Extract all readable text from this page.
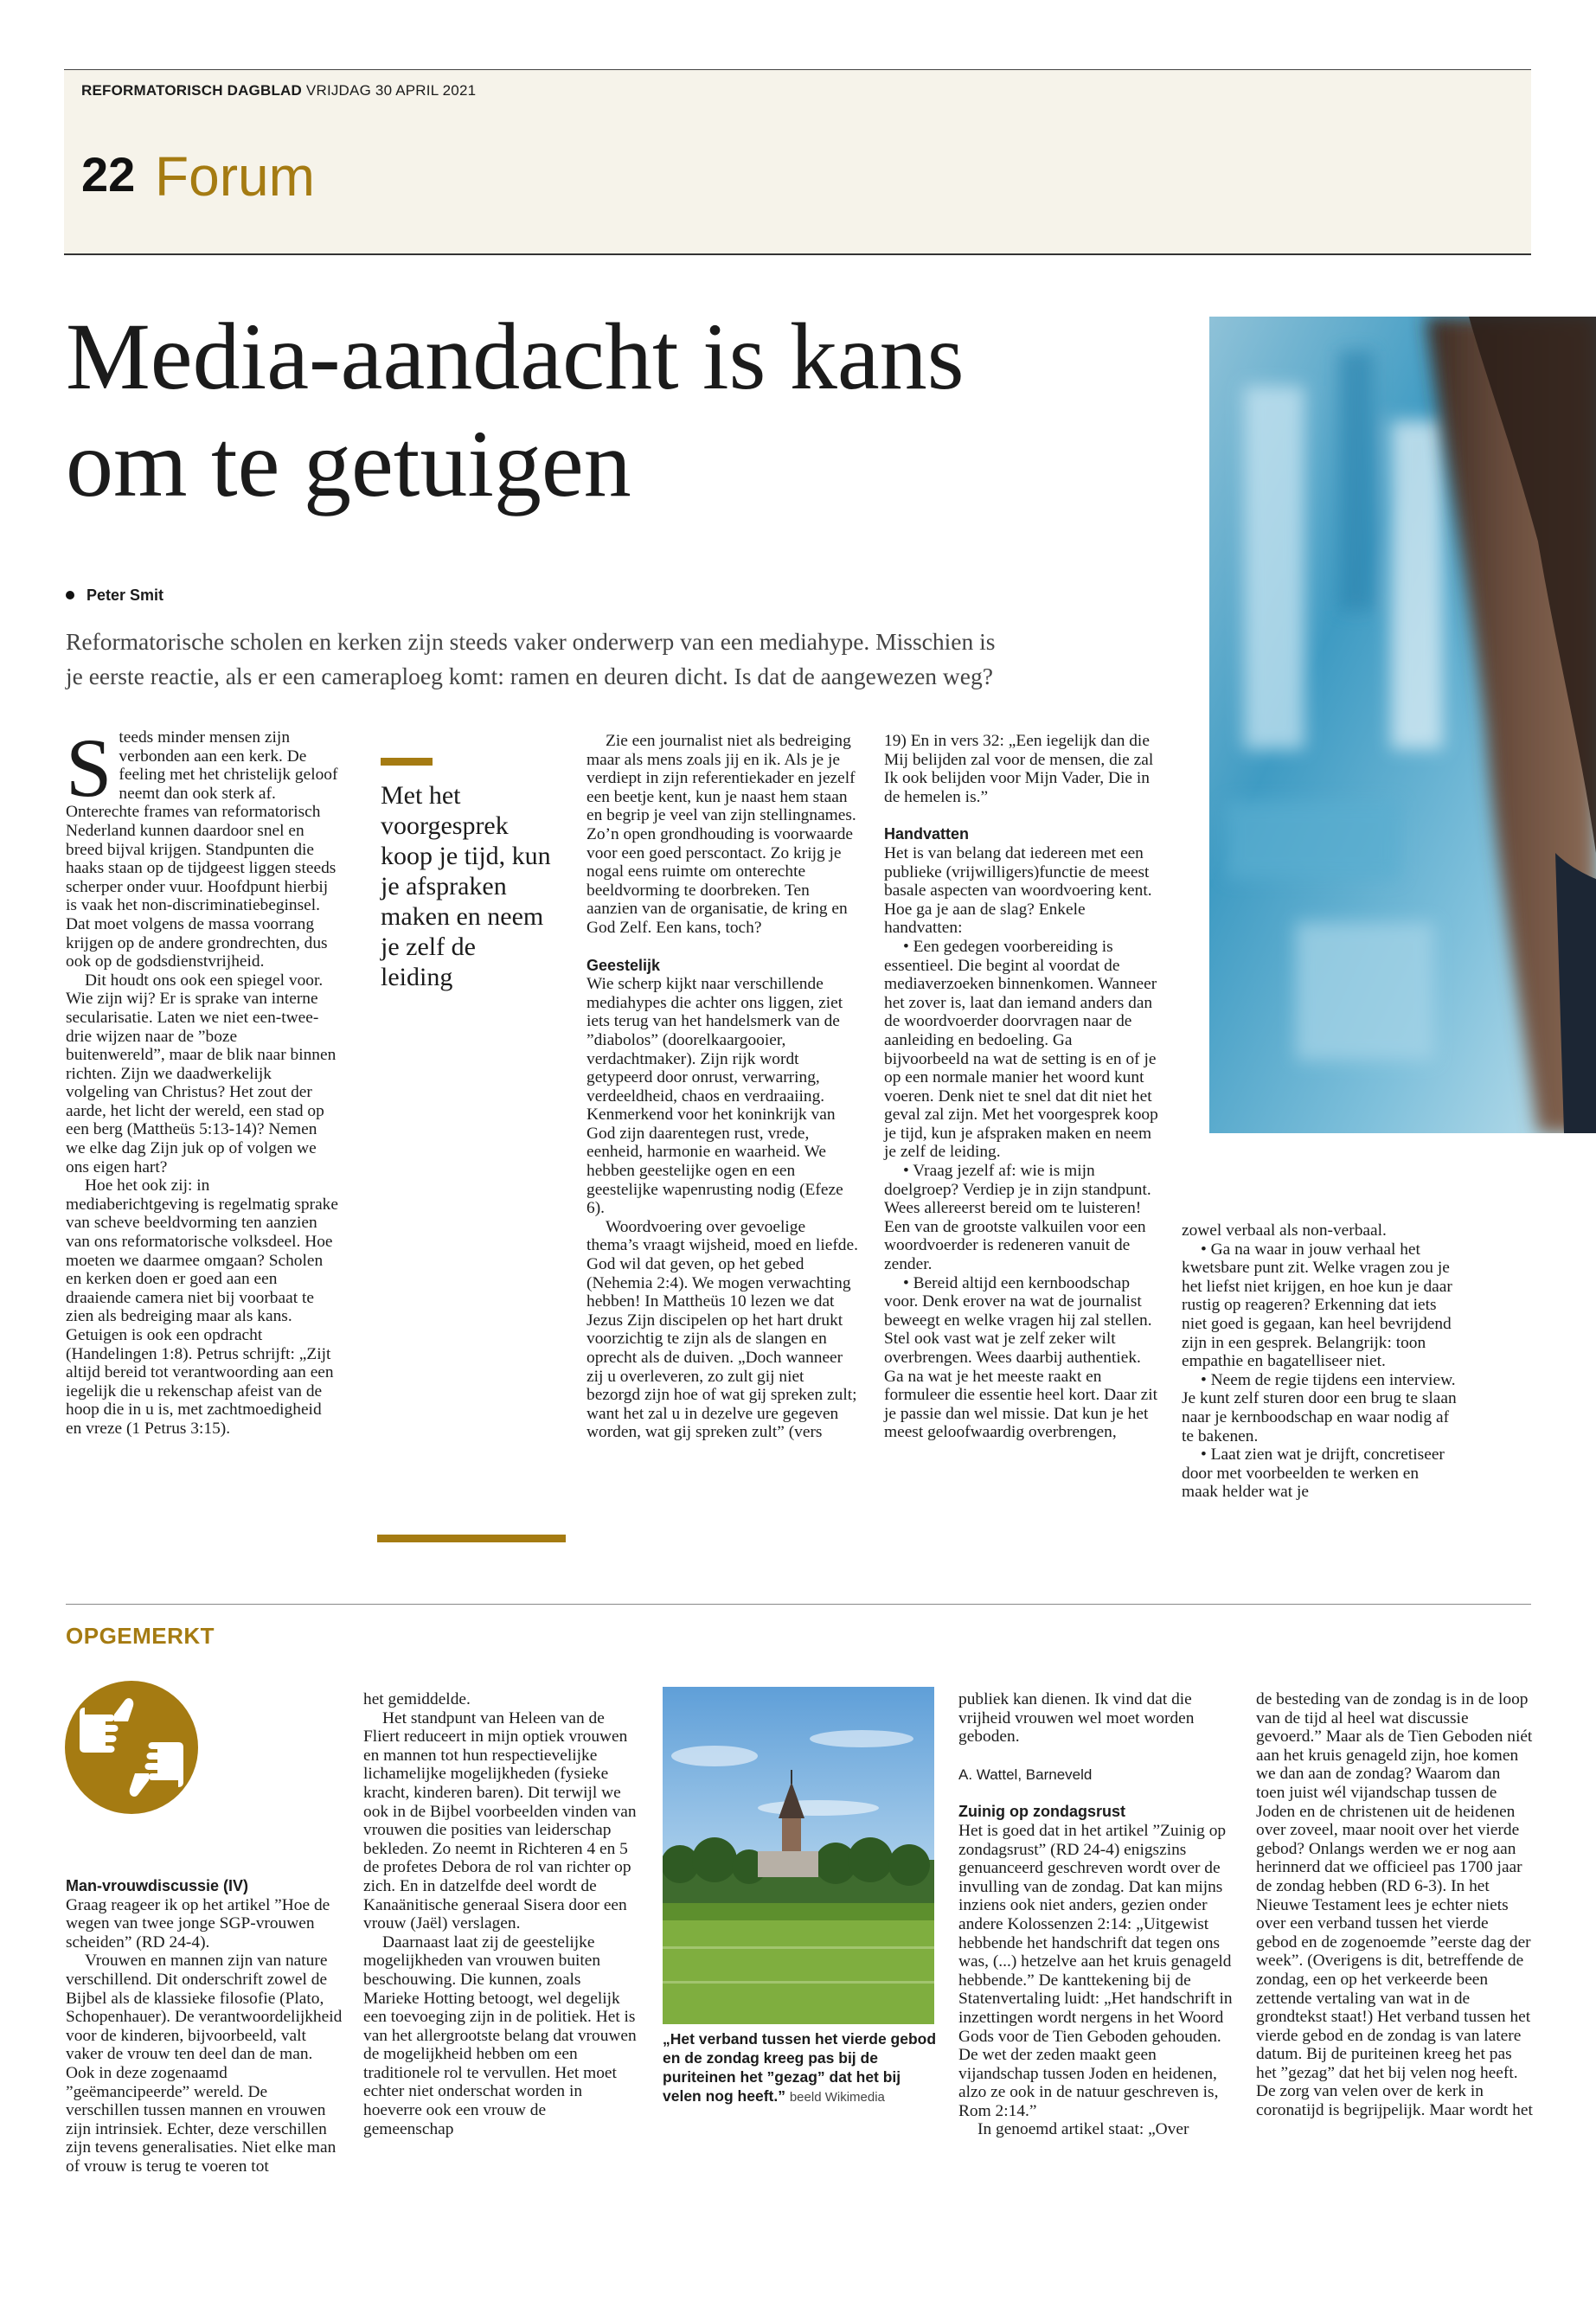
REFORMATORISCH DAGBLAD VRIJDAG 30 APRIL 2021
22 Forum
Media-aandacht is kans
om te getuigen
Peter Smit
Reformatorische scholen en kerken zijn steeds vaker onderwerp van een mediahype. Misschien is
je eerste reactie, als er een cameraploeg komt: ramen en deuren dicht. Is dat de aangewezen weg?

Steeds minder mensen zijn verbonden aan een kerk. De feeling met het christelijk geloof neemt dan ook sterk af. Onterechte frames van reformatorisch Nederland kunnen daardoor snel en breed bijval krijgen. Standpunten die haaks staan op de tijdgeest liggen steeds scherper onder vuur. Hoofdpunt hierbij is vaak het non-discriminatiebeginsel. Dat moet volgens de massa voorrang krijgen op de andere grondrechten, dus ook op de godsdienstvrijheid.

Dit houdt ons ook een spiegel voor. Wie zijn wij? Er is sprake van interne secularisatie. Laten we niet een-twee-drie wijzen naar de ”boze buitenwereld”, maar de blik naar binnen richten. Zijn we daadwerkelijk volgeling van Christus? Het zout der aarde, het licht der wereld, een stad op een berg (Mattheüs 5:13-14)? Nemen we elke dag Zijn juk op of volgen we ons eigen hart?

Hoe het ook zij: in mediaberichtgeving is regelmatig sprake van scheve beeldvorming ten aanzien van ons reformatorische volksdeel. Hoe moeten we daarmee omgaan? Scholen en kerken doen er goed aan een draaiende camera niet bij voorbaat te zien als bedreiging maar als kans. Getuigen is ook een opdracht (Handelingen 1:8). Petrus schrijft: „Zijt altijd bereid tot verantwoording aan een iegelijk die u rekenschap afeist van de hoop die in u is, met zachtmoedigheid en vreze (1 Petrus 3:15).

Met het voorgesprek koop je tijd, kun je afspraken maken en neem je zelf de leiding

Zie een journalist niet als bedreiging maar als mens zoals jij en ik. Als je je verdiept in zijn referentiekader en jezelf een beetje kent, kun je naast hem staan en begrip je veel van zijn stellingnames. Zo’n open grondhouding is voorwaarde voor een goed perscontact. Zo krijg je nogal eens ruimte om onterechte beeldvorming te doorbreken. Ten aanzien van de organisatie, de kring en God Zelf. Een kans, toch?

Geestelijk

Wie scherp kijkt naar verschillende mediahypes die achter ons liggen, ziet iets terug van het handelsmerk van de ”diabolos” (doorelkaargooier, verdachtmaker). Zijn rijk wordt getypeerd door onrust, verwarring, verdeeldheid, chaos en verdraaiing. Kenmerkend voor het koninkrijk van God zijn daarentegen rust, vrede, eenheid, harmonie en waarheid. We hebben geestelijke ogen en een geestelijke wapenrusting nodig (Efeze 6).

Woordvoering over gevoelige thema’s vraagt wijsheid, moed en liefde. God wil dat geven, op het gebed (Nehemia 2:4). We mogen verwachting hebben! In Mattheüs 10 lezen we dat Jezus Zijn discipelen op het hart drukt voorzichtig te zijn als de slangen en oprecht als de duiven. „Doch wanneer zij u overleveren, zo zult gij niet bezorgd zijn hoe of wat gij spreken zult; want het zal u in dezelve ure gegeven worden, wat gij spreken zult” (vers

19) En in vers 32: „Een iegelijk dan die Mij belijden zal voor de mensen, die zal Ik ook belijden voor Mijn Vader, Die in de hemelen is.”

Handvatten

Het is van belang dat iedereen met een publieke (vrijwilligers)functie de meest basale aspecten van woordvoering kent. Hoe ga je aan de slag? Enkele handvatten:

• Een gedegen voorbereiding is essentieel. Die begint al voordat de mediaverzoeken binnenkomen. Wanneer het zover is, laat dan iemand anders dan de woordvoerder doorvragen naar de aanleiding en bedoeling. Ga bijvoorbeeld na wat de setting is en of je op een normale manier het woord kunt voeren. Denk niet te snel dat dit niet het geval zal zijn. Met het voorgesprek koop je tijd, kun je afspraken maken en neem je zelf de leiding.

• Vraag jezelf af: wie is mijn doelgroep? Verdiep je in zijn standpunt. Wees allereerst bereid om te luisteren! Een van de grootste valkuilen voor een woordvoerder is redeneren vanuit de zender.

• Bereid altijd een kernboodschap voor. Denk erover na wat de journalist beweegt en welke vragen hij zal stellen. Stel ook vast wat je zelf zeker wilt overbrengen. Wees daarbij authentiek. Ga na wat je het meeste raakt en formuleer die essentie heel kort. Daar zit je passie dan wel missie. Dat kun je het meest geloofwaardig overbrengen,

zowel verbaal als non-verbaal.

• Ga na waar in jouw verhaal het kwetsbare punt zit. Welke vragen zou je het liefst niet krijgen, en hoe kun je daar rustig op reageren? Erkenning dat iets niet goed is gegaan, kan heel bevrijdend zijn in een gesprek. Belangrijk: toon empathie en bagatelliseer niet.

• Neem de regie tijdens een interview. Je kunt zelf sturen door een brug te slaan naar je kernboodschap en waar nodig af te bakenen.

• Laat zien wat je drijft, concretiseer door met voorbeelden te werken en maak helder wat je

OPGEMERKT

Man-vrouwdiscussie (IV)

Graag reageer ik op het artikel ”Hoe de wegen van twee jonge SGP-vrouwen scheiden” (RD 24-4).

Vrouwen en mannen zijn van nature verschillend. Dit onderschrift zowel de Bijbel als de klassieke filosofie (Plato, Schopenhauer). De verantwoordelijkheid voor de kinderen, bijvoorbeeld, valt vaker de vrouw ten deel dan de man. Ook in deze zogenaamd ”geëmancipeerde” wereld. De verschillen tussen mannen en vrouwen zijn intrinsiek. Echter, deze verschillen zijn tevens generalisaties. Niet elke man of vrouw is terug te voeren tot

het gemiddelde.

Het standpunt van Heleen van de Fliert reduceert in mijn optiek vrouwen en mannen tot hun respectievelijke lichamelijke mogelijkheden (fysieke kracht, kinderen baren). Dit terwijl we ook in de Bijbel voorbeelden vinden van vrouwen die posities van leiderschap bekleden. Zo neemt in Richteren 4 en 5 de profetes Debora de rol van richter op zich. En in datzelfde deel wordt de Kanaänitische generaal Sisera door een vrouw (Jaël) verslagen.

Daarnaast laat zij de geestelijke mogelijkheden van vrouwen buiten beschouwing. Die kunnen, zoals Marieke Hotting betoogt, wel degelijk een toevoeging zijn in de politiek. Het is van het allergrootste belang dat vrouwen de mogelijkheid hebben om een traditionele rol te vervullen. Het moet echter niet onderschat worden in hoeverre ook een vrouw de gemeenschap

„Het verband tussen het vierde gebod en de zondag kreeg pas bij de puriteinen het ”gezag” dat het bij velen nog heeft.” beeld Wikimedia

publiek kan dienen. Ik vind dat die vrijheid vrouwen wel moet worden geboden.

A. Wattel, Barneveld

Zuinig op zondagsrust

Het is goed dat in het artikel ”Zuinig op zondagsrust” (RD 24-4) enigszins genuanceerd geschreven wordt over de invulling van de zondag. Dat kan mijns inziens ook niet anders, gezien onder andere Kolossenzen 2:14: „Uitgewist hebbende het handschrift dat tegen ons was, (...) hetzelve aan het kruis genageld hebbende.” De kanttekening bij de Statenvertaling luidt: „Het handschrift in inzettingen wordt nergens in het Woord Gods voor de Tien Geboden gehouden. De wet der zeden maakt geen vijandschap tussen Joden en heidenen, alzo ze ook in de natuur geschreven is, Rom 2:14.”

In genoemd artikel staat: „Over

de besteding van de zondag is in de loop van de tijd al heel wat discussie gevoerd.” Maar als de Tien Geboden niét aan het kruis genageld zijn, hoe komen we dan aan de zondag? Waarom dan toen juist wél vijandschap tussen de Joden en de christenen uit de heidenen over zoveel, maar nooit over het vierde gebod? Onlangs werden we er nog aan herinnerd dat we officieel pas 1700 jaar de zondag hebben (RD 6-3). In het Nieuwe Testament lees je echter niets over een verband tussen het vierde gebod en de zogenoemde ”eerste dag der week”. (Overigens is dit, betreffende de zondag, een op het verkeerde been zettende vertaling van wat in de grondtekst staat!) Het verband tussen het vierde gebod en de zondag is van latere datum. Bij de puriteinen kreeg het pas het ”gezag” dat het bij velen nog heeft. De zorg van velen over de kerk in coronatijd is begrijpelijk. Maar wordt het
